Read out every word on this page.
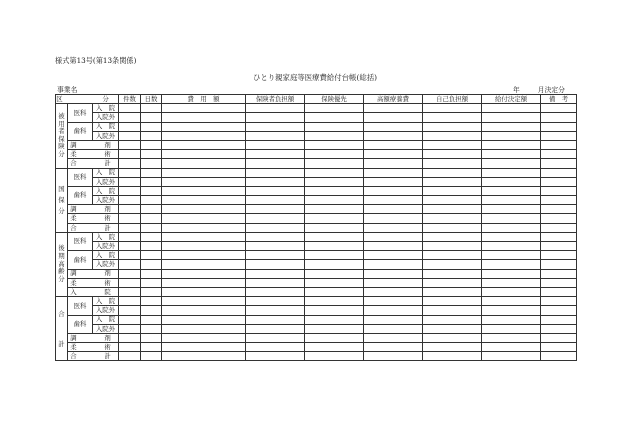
様式第13号(第13条関係)
ひとり親家庭等医療費給付台帳(総括)
事業名	年	月決定分
区　　分			件数	日数	費　用　額	保険者負担額	保険優先	高額療養費	自己負担額	給付決定額	備　考
被用者保険分	医科	入　院									
		入院外									
	歯科	入　院									
		入院外									
	調　　剤										
	柔　　術										
	合　　計										
国保分	医科	入　院									
		入院外									
	歯科	入　院									
		入院外									
	調　　剤										
	柔　　術										
	合　　計										
後期高齢分	医科	入　院									
		入院外									
	歯科	入　院									
		入院外									
	調　　剤										
	柔　　術										
	入　　院										
合計	医科	入　院									
		入院外									
	歯科	入　院									
		入院外									
	調　　剤										
	柔　　術										
	合　　計										
